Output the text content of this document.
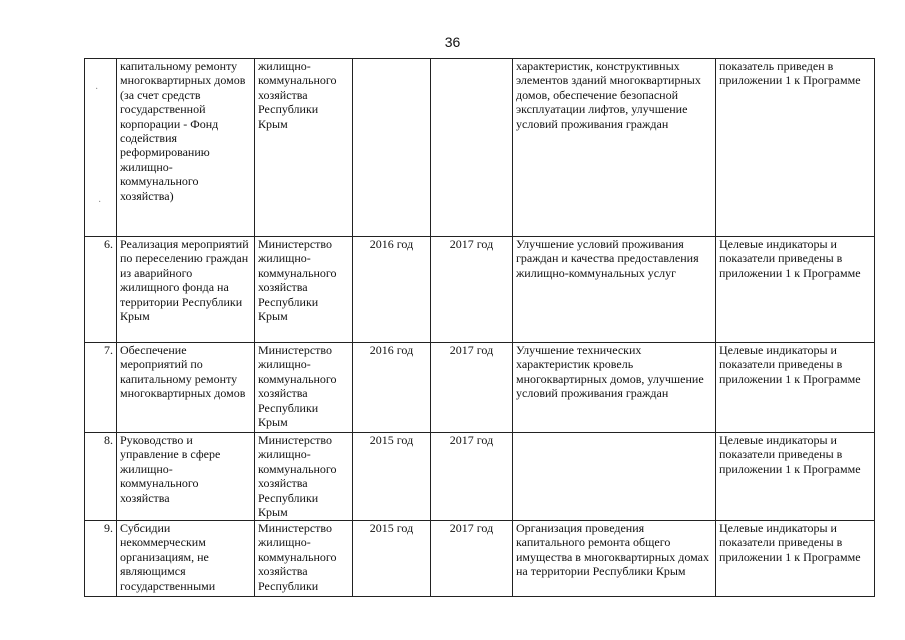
36
	капитальному ремонту многоквартирных домов (за счет средств государственной корпорации - Фонд содействия реформированию жилищно-коммунального хозяйства)	жилищно-коммунального хозяйства Республики Крым			характеристик, конструктивных элементов зданий многоквартирных домов, обеспечение безопасной эксплуатации лифтов, улучшение условий проживания граждан	показатель приведен в приложении 1 к Программе
6.	Реализация мероприятий по переселению граждан из аварийного жилищного фонда на территории Республики Крым	Министерство жилищно-коммунального хозяйства Республики Крым	2016 год	2017 год	Улучшение условий проживания граждан и качества предоставления жилищно-коммунальных услуг	Целевые индикаторы и показатели приведены в приложении 1 к Программе
7.	Обеспечение мероприятий по капитальному ремонту многоквартирных домов	Министерство жилищно-коммунального хозяйства Республики Крым	2016 год	2017 год	Улучшение технических характеристик кровель многоквартирных домов, улучшение условий проживания граждан	Целевые индикаторы и показатели приведены в приложении 1 к Программе
8.	Руководство и управление в сфере жилищно-коммунального хозяйства	Министерство жилищно-коммунального хозяйства Республики Крым	2015 год	2017 год		Целевые индикаторы и показатели приведены в приложении 1 к Программе
9.	Субсидии некоммерческим организациям, не являющимся государственными	Министерство жилищно-коммунального хозяйства Республики	2015 год	2017 год	Организация проведения капитального ремонта общего имущества в многоквартирных домах на территории Республики Крым	Целевые индикаторы и показатели приведены в приложении 1 к Программе
·
·
